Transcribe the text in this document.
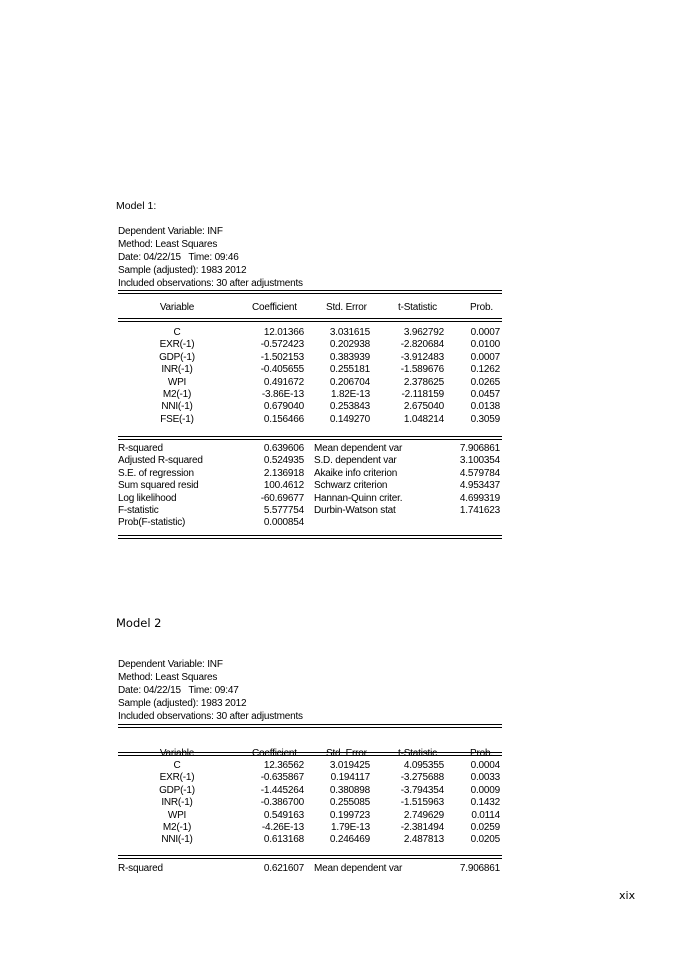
Model 1:
Dependent Variable: INF
Method: Least Squares
Date: 04/22/15   Time: 09:46
Sample (adjusted): 1983 2012
Included observations: 30 after adjustments
Variable	Coefficient	Std. Error	t-Statistic	Prob.
C	12.01366	3.031615	3.962792	0.0007
EXR(-1)	-0.572423	0.202938	-2.820684	0.0100
GDP(-1)	-1.502153	0.383939	-3.912483	0.0007
INR(-1)	-0.405655	0.255181	-1.589676	0.1262
WPI	0.491672	0.206704	2.378625	0.0265
M2(-1)	-3.86E-13	1.82E-13	-2.118159	0.0457
NNI(-1)	0.679040	0.253843	2.675040	0.0138
FSE(-1)	0.156466	0.149270	1.048214	0.3059
R-squared	0.639606 Mean dependent var	7.906861
Adjusted R-squared	0.524935 S.D. dependent var	3.100354
S.E. of regression	2.136918 Akaike info criterion	4.579784
Sum squared resid	100.4612 Schwarz criterion	4.953437
Log likelihood	-60.69677 Hannan-Quinn criter.	4.699319
F-statistic	5.577754 Durbin-Watson stat	1.741623
Prob(F-statistic)	0.000854
Model 2
Dependent Variable: INF
Method: Least Squares
Date: 04/22/15   Time: 09:47
Sample (adjusted): 1983 2012
Included observations: 30 after adjustments
Variable	Coefficient	Std. Error	t-Statistic	Prob.
C	12.36562	3.019425	4.095355	0.0004
EXR(-1)	-0.635867	0.194117	-3.275688	0.0033
GDP(-1)	-1.445264	0.380898	-3.794354	0.0009
INR(-1)	-0.386700	0.255085	-1.515963	0.1432
WPI	0.549163	0.199723	2.749629	0.0114
M2(-1)	-4.26E-13	1.79E-13	-2.381494	0.0259
NNI(-1)	0.613168	0.246469	2.487813	0.0205
R-squared	0.621607 Mean dependent var	7.906861
xix
